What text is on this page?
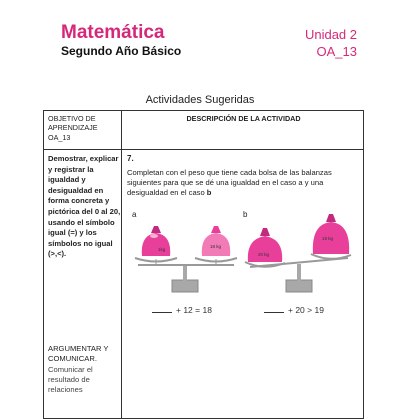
Matemática
Segundo Año Básico
Unidad 2
OA_13
Actividades Sugeridas
OBJETIVO DE APRENDIZAJE OA_13
DESCRIPCIÓN DE LA ACTIVIDAD
Demostrar, explicar y registrar la igualdad y desigualdad en forma concreta y pictórica del 0 al 20, usando el símbolo igual (=) y los símbolos no igual (>,<).
ARGUMENTAR Y COMUNICAR.
Comunicar el resultado de relaciones
7.
Completan con el peso que tiene cada bolsa de las balanzas siguientes para que se dé una igualdad en el caso a y una desigualdad en el caso b
a	b
1kg
18 kg
20 kg
19 kg
+ 12 = 18	+ 20 > 19
